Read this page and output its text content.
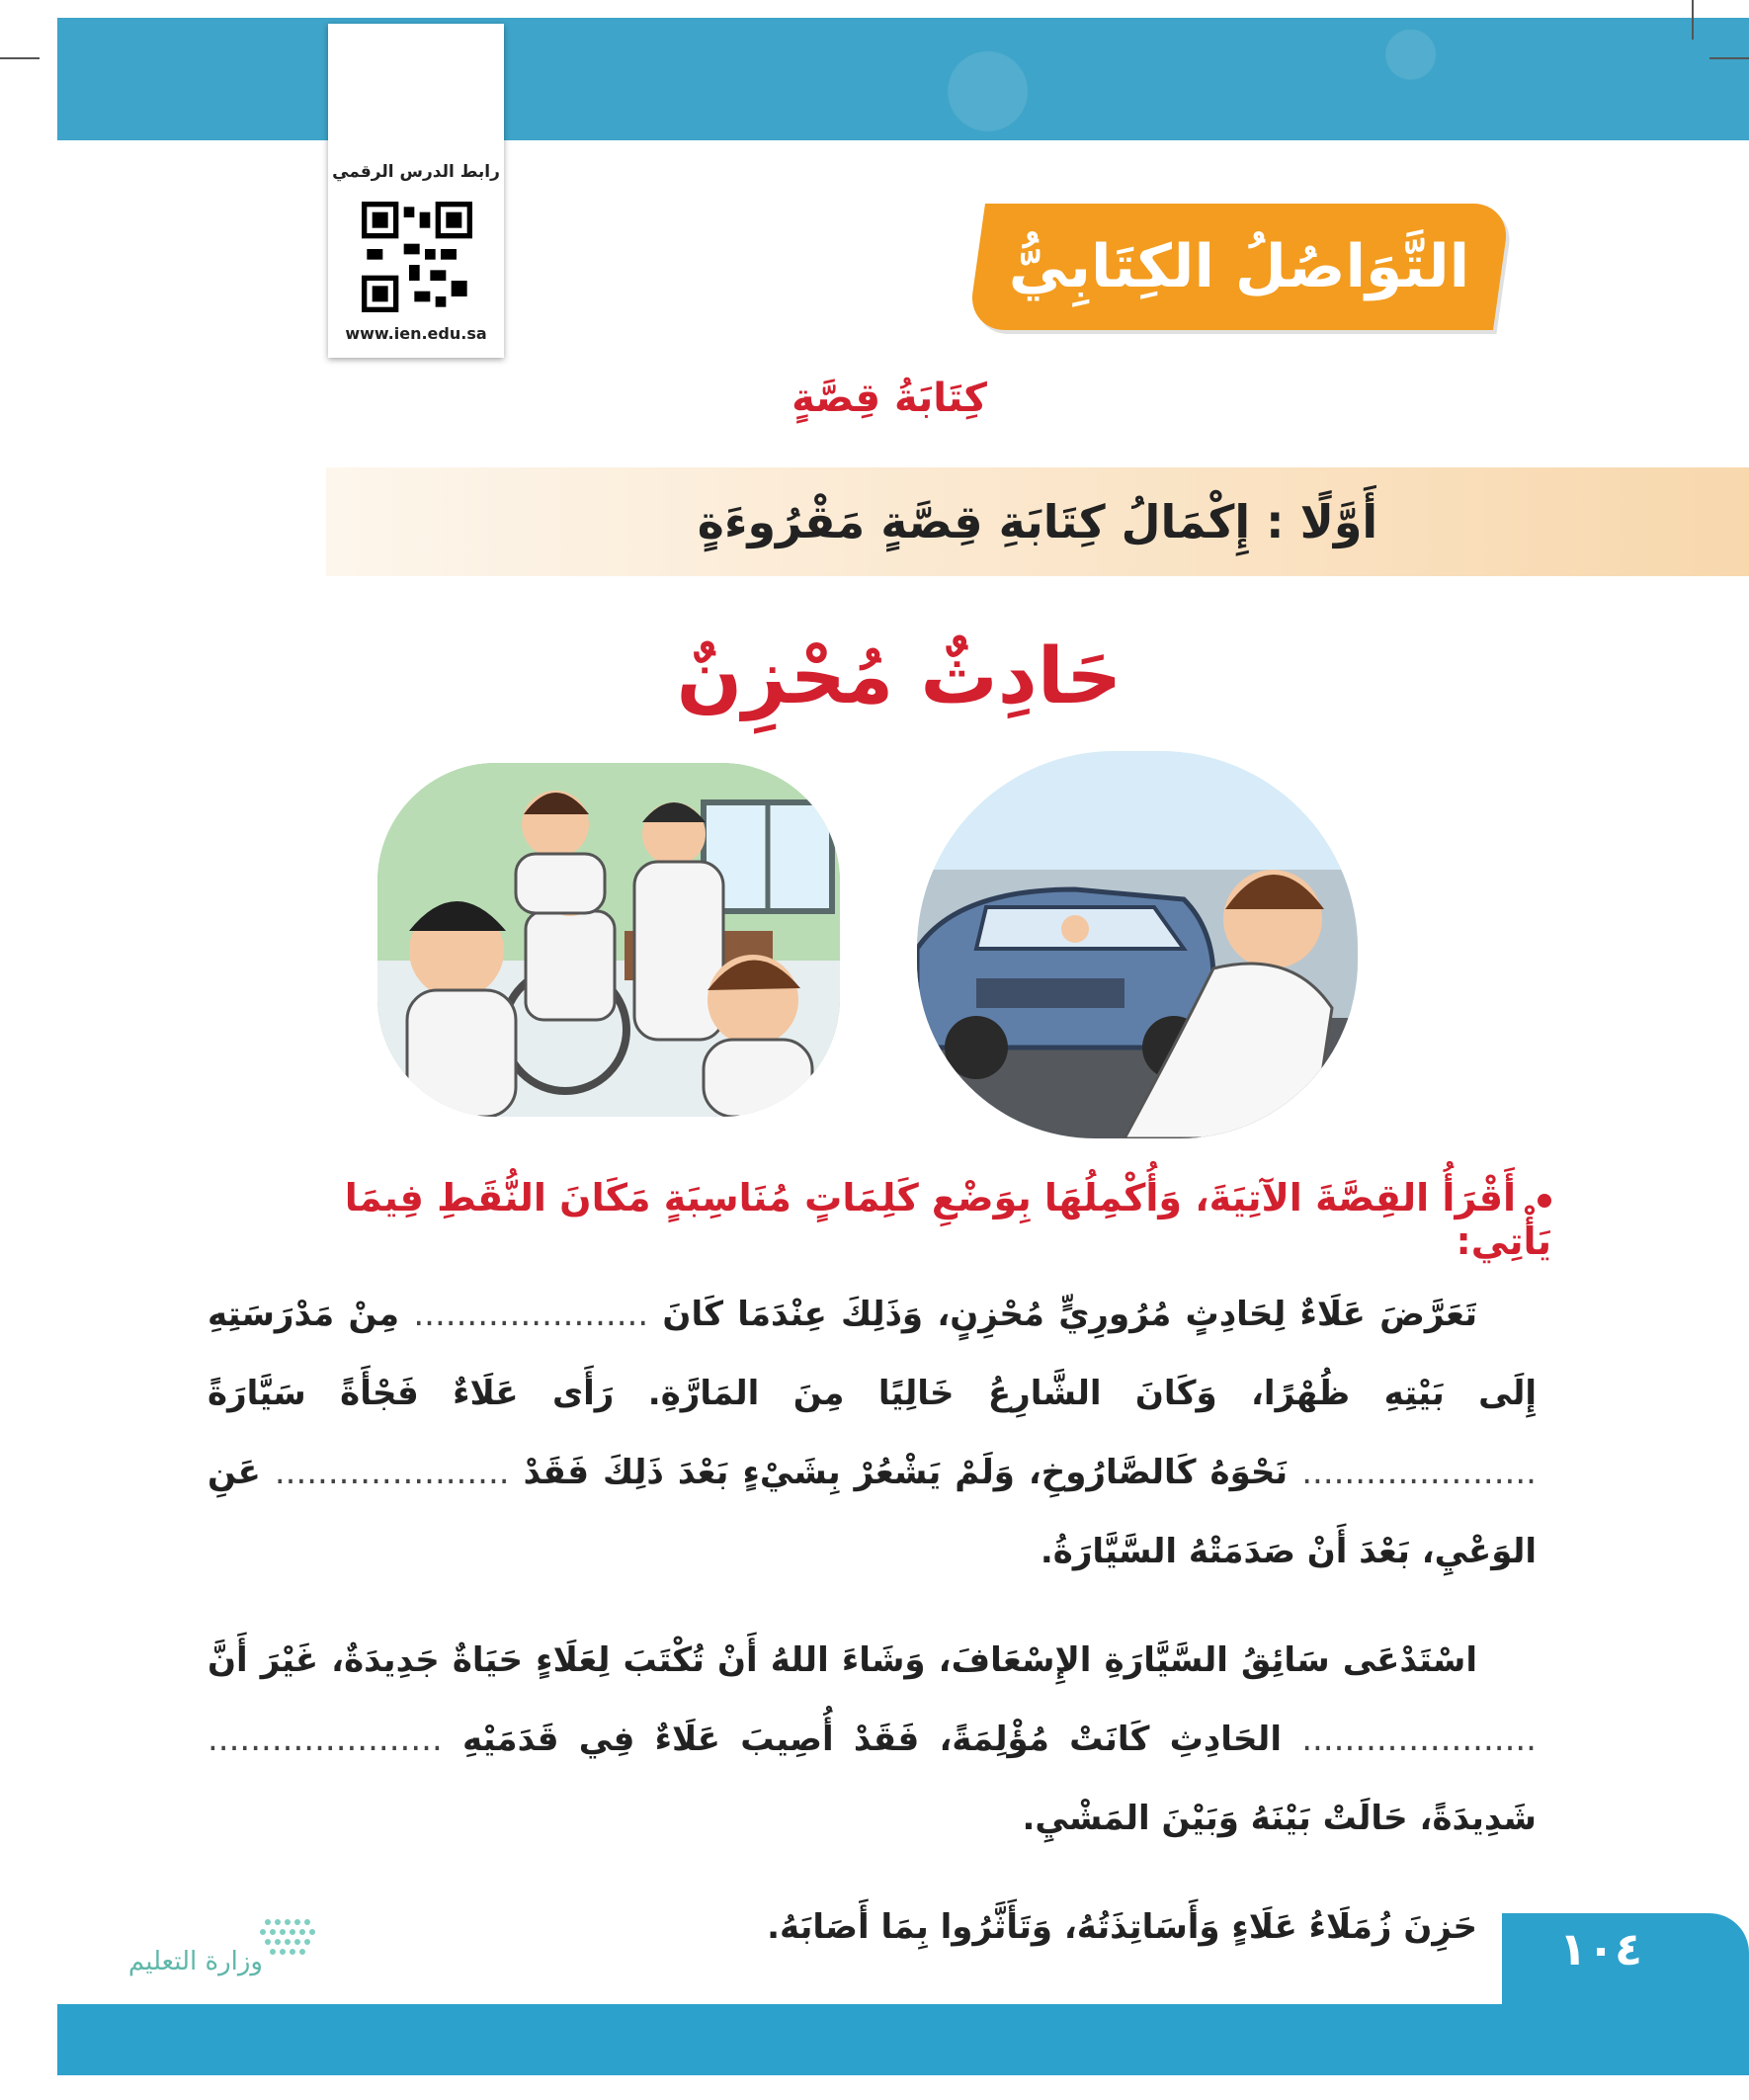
رابط الدرس الرقمي
www.ien.edu.sa
التَّوَاصُلُ الكِتَابِيُّ
كِتَابَةُ قِصَّةٍ
أَوَّلًا : إِكْمَالُ كِتَابَةِ قِصَّةٍ مَقْرُوءَةٍ
حَادِثٌ مُحْزِنٌ
أَقْرَأُ القِصَّةَ الآتِيَةَ، وَأُكْمِلُهَا بِوَضْعِ كَلِمَاتٍ مُنَاسِبَةٍ مَكَانَ النُّقَطِ فِيمَا يَأْتِي:

تَعَرَّضَ عَلَاءٌ لِحَادِثٍ مُرُورِيٍّ مُحْزِنٍ، وَذَلِكَ عِنْدَمَا كَانَ ...................... مِنْ مَدْرَسَتِهِ إِلَى بَيْتِهِ ظُهْرًا، وَكَانَ الشَّارِعُ خَالِيًا مِنَ المَارَّةِ. رَأَى عَلَاءٌ فَجْأَةً سَيَّارَةً ...................... نَحْوَهُ كَالصَّارُوخِ، وَلَمْ يَشْعُرْ بِشَيْءٍ بَعْدَ ذَلِكَ فَقَدْ ...................... عَنِ الوَعْيِ، بَعْدَ أَنْ صَدَمَتْهُ السَّيَّارَةُ.

اسْتَدْعَى سَائِقُ السَّيَّارَةِ الإِسْعَافَ، وَشَاءَ اللهُ أَنْ تُكْتَبَ لِعَلَاءٍ حَيَاةٌ جَدِيدَةٌ، غَيْرَ أَنَّ ...................... الحَادِثِ كَانَتْ مُؤْلِمَةً، فَقَدْ أُصِيبَ عَلَاءٌ فِي قَدَمَيْهِ ...................... شَدِيدَةً، حَالَتْ بَيْنَهُ وَبَيْنَ المَشْيِ.

حَزِنَ زُمَلَاءُ عَلَاءٍ وَأَسَاتِذَتُهُ، وَتَأَثَّرُوا بِمَا أَصَابَهُ.

وزارة التعليم	١٠٤
